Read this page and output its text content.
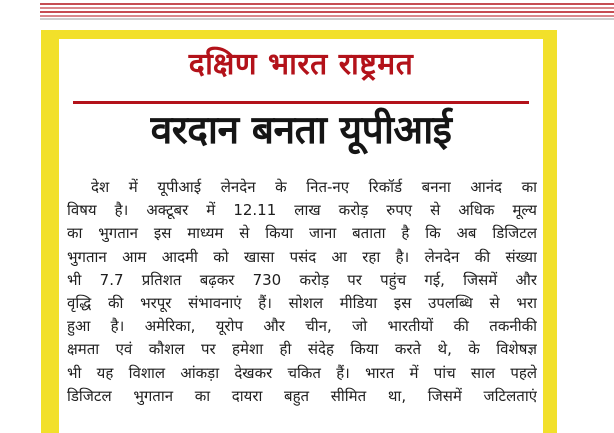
दक्षिण भारत राष्ट्रमत
वरदान बनता यूपीआई
देश में यूपीआई लेनदेन के नित-नए रिकॉर्ड बनना आनंद का
विषय है। अक्टूबर में 12.11 लाख करोड़ रुपए से अधिक मूल्य
का भुगतान इस माध्यम से किया जाना बताता है कि अब डिजिटल
भुगतान आम आदमी को खासा पसंद आ रहा है। लेनदेन की संख्या
भी 7.7 प्रतिशत बढ़कर 730 करोड़ पर पहुंच गई, जिसमें और
वृद्धि की भरपूर संभावनाएं हैं। सोशल मीडिया इस उपलब्धि से भरा
हुआ है। अमेरिका, यूरोप और चीन, जो भारतीयों की तकनीकी
क्षमता एवं कौशल पर हमेशा ही संदेह किया करते थे, के विशेषज्ञ
भी यह विशाल आंकड़ा देखकर चकित हैं। भारत में पांच साल पहले
डिजिटल भुगतान का दायरा बहुत सीमित था, जिसमें जटिलताएं
